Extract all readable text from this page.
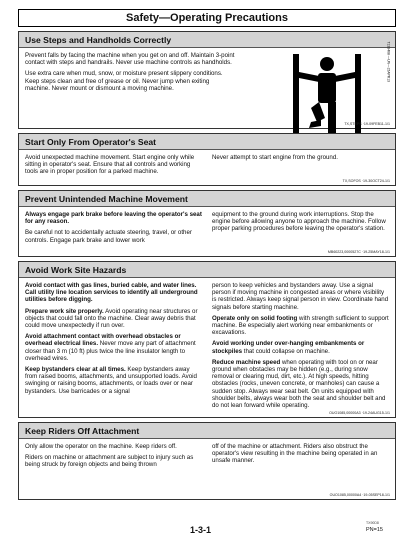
Safety—Operating Precautions
Use Steps and Handholds Correctly

Prevent falls by facing the machine when you get on and off. Maintain 3-point contact with steps and handrails. Never use machine controls as handholds.

Use extra care when mud, snow, or moisture present slippery conditions. Keep steps clean and free of grease or oil. Never jump when exiting machine. Never mount or dismount a moving machine.

T133468 —UN—15APR13
TX,STEPS ·19-09FEB11-1/1
Start Only From Operator's Seat

Avoid unexpected machine movement. Start engine only while sitting in operator's seat. Ensure that all controls and working tools are in proper position for a parked machine.

Never attempt to start engine from the ground.

TX,SOFOS ·19-30OCT24-1/1
Prevent Unintended Machine Movement

Always engage park brake before leaving the operator's seat for any reason.

Be careful not to accidentally actuate steering, travel, or other controls. Engage park brake and lower work

equipment to the ground during work interruptions. Stop the engine before allowing anyone to approach the machine. Follow proper parking procedures before leaving the operator's station.

MB60223,0000527C ·19-25MAY18-1/1
Avoid Work Site Hazards

Avoid contact with gas lines, buried cable, and water lines. Call utility line location services to identify all underground utilities before digging.

Prepare work site properly. Avoid operating near structures or objects that could fall onto the machine. Clear away debris that could move unexpectedly if run over.

Avoid attachment contact with overhead obstacles or overhead electrical lines. Never move any part of attachment closer than 3 m (10 ft) plus twice the line insulator length to overhead wires.

Keep bystanders clear at all times. Keep bystanders away from raised booms, attachments, and unsupported loads. Avoid swinging or raising booms, attachments, or loads over or near bystanders. Use barricades or a signal

person to keep vehicles and bystanders away. Use a signal person if moving machine in congested areas or where visibility is restricted. Always keep signal person in view. Coordinate hand signals before starting machine.

Operate only on solid footing with strength sufficient to support machine. Be especially alert working near embankments or excavations.

Avoid working under over-hanging embankments or stockpiles that could collapse on machine.

Reduce machine speed when operating with tool on or near ground when obstacles may be hidden (e.g., during snow removal or clearing mud, dirt, etc.). At high speeds, hitting obstacles (rocks, uneven concrete, or manholes) can cause a sudden stop. Always wear seat belt. On units equipped with shoulder belts, always wear both the seat and shoulder belt and do not lean forward while operating.

OUO1085,00000A3 ·19-24AUG15-1/1
Keep Riders Off Attachment

Only allow the operator on the machine. Keep riders off.

Riders on machine or attachment are subject to injury such as being struck by foreign objects and being thrown

off of the machine or attachment. Riders also obstruct the operator's view resulting in the machine being operated in an unsafe manner.

OUO1085,00000A4 ·19-05SEP18-1/1
1-3-1
TX90D8
PN=15
